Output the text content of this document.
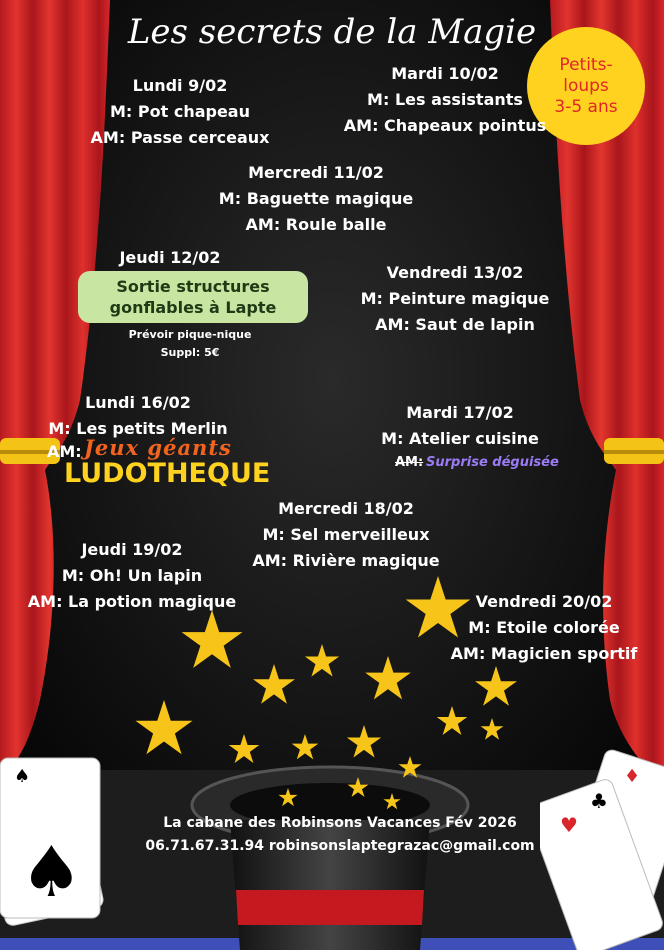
♠
♠
♥
♣
♦
Les secrets de la Magie
Petits-
loups
3-5 ans
Lundi 9/02
M: Pot chapeau
AM: Passe cerceaux
Mardi 10/02
M: Les assistants
AM: Chapeaux pointus
Mercredi 11/02
M: Baguette magique
AM: Roule balle
Jeudi 12/02
Sortie structures
gonflables à Lapte
Prévoir pique-nique
Suppl: 5€
Vendredi 13/02
M: Peinture magique
AM: Saut de lapin
Lundi 16/02
M: Les petits Merlin
AM: Jeux géants
LUDOTHEQUE
Mardi 17/02
M: Atelier cuisine
AM: Surprise déguisée
Mercredi 18/02
M: Sel merveilleux
AM: Rivière magique
Jeudi 19/02
M: Oh! Un lapin
AM: La potion magique	Vendredi 20/02
M: Etoile colorée
AM: Magicien sportif
La cabane des Robinsons Vacances Fév 2026
06.71.67.31.94 robinsonslaptegrazac@gmail.com
